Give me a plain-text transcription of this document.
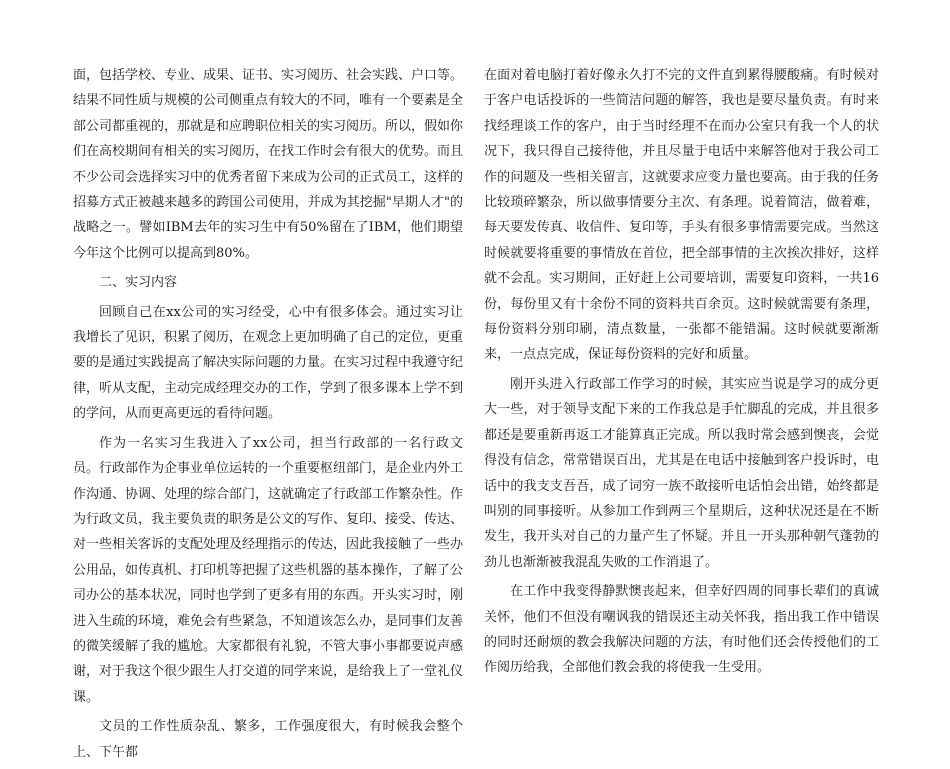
面，包括学校、专业、成果、证书、实习阅历、社会实践、户口等。结果不同性质与规模的公司侧重点有较大的不同，唯有一个要素是全部公司都重视的，那就是和应聘职位相关的实习阅历。所以，假如你们在高校期间有相关的实习阅历，在找工作时会有很大的优势。而且不少公司会选择实习中的优秀者留下来成为公司的正式员工，这样的招募方式正被越来越多的跨国公司使用，并成为其挖掘"早期人才"的战略之一。譬如IBM去年的实习生中有50%留在了IBM，他们期望今年这个比例可以提高到80%。

二、实习内容

回顾自己在xx公司的实习经受，心中有很多体会。通过实习让我增长了见识，积累了阅历，在观念上更加明确了自己的定位，更重要的是通过实践提高了解决实际问题的力量。在实习过程中我遵守纪律，听从支配，主动完成经理交办的工作，学到了很多课本上学不到的学问，从而更高更远的看待问题。

作为一名实习生我进入了xx公司，担当行政部的一名行政文员。行政部作为企事业单位运转的一个重要枢纽部门，是企业内外工作沟通、协调、处理的综合部门，这就确定了行政部工作繁杂性。作为行政文员，我主要负责的职务是公文的写作、复印、接受、传达、对一些相关客诉的支配处理及经理指示的传达，因此我接触了一些办公用品，如传真机、打印机等把握了这些机器的基本操作，了解了公司办公的基本状况，同时也学到了更多有用的东西。开头实习时，刚进入生疏的环境，难免会有些紧急，不知道该怎么办，是同事们友善的微笑缓解了我的尴尬。大家都很有礼貌，不管大事小事都要说声感谢，对于我这个很少跟生人打交道的同学来说，是给我上了一堂礼仪课。

文员的工作性质杂乱、繁多，工作强度很大，有时候我会整个上、下午都

在面对着电脑打着好像永久打不完的文件直到累得腰酸痛。有时候对于客户电话投诉的一些简洁问题的解答，我也是要尽量负责。有时来找经理谈工作的客户，由于当时经理不在而办公室只有我一个人的状况下，我只得自己接待他，并且尽量于电话中来解答他对于我公司工作的问题及一些相关留言，这就要求应变力量也要高。由于我的任务比较琐碎繁杂，所以做事情要分主次、有条理。说着简洁，做着难，每天要发传真、收信件、复印等，手头有很多事情需要完成。当然这时候就要将重要的事情放在首位，把全部事情的主次挨次排好，这样就不会乱。实习期间，正好赶上公司要培训，需要复印资料，一共16份，每份里又有十余份不同的资料共百余页。这时候就需要有条理，每份资料分别印刷，清点数量，一张都不能错漏。这时候就要渐渐来，一点点完成，保证每份资料的完好和质量。

刚开头进入行政部工作学习的时候，其实应当说是学习的成分更大一些，对于领导支配下来的工作我总是手忙脚乱的完成，并且很多都还是要重新再返工才能算真正完成。所以我时常会感到懊丧，会觉得没有信念，常常错误百出，尤其是在电话中接触到客户投诉时，电话中的我支支吾吾，成了词穷一族不敢接听电话怕会出错，始终都是叫别的同事接听。从参加工作到两三个星期后，这种状况还是在不断发生，我开头对自己的力量产生了怀疑。并且一开头那种朝气蓬勃的劲儿也渐渐被我混乱失败的工作消退了。

在工作中我变得静默懊丧起来，但幸好四周的同事长辈们的真诚关怀，他们不但没有嘲讽我的错误还主动关怀我，指出我工作中错误的同时还耐烦的教会我解决问题的方法，有时他们还会传授他们的工作阅历给我，全部他们教会我的将使我一生受用。
